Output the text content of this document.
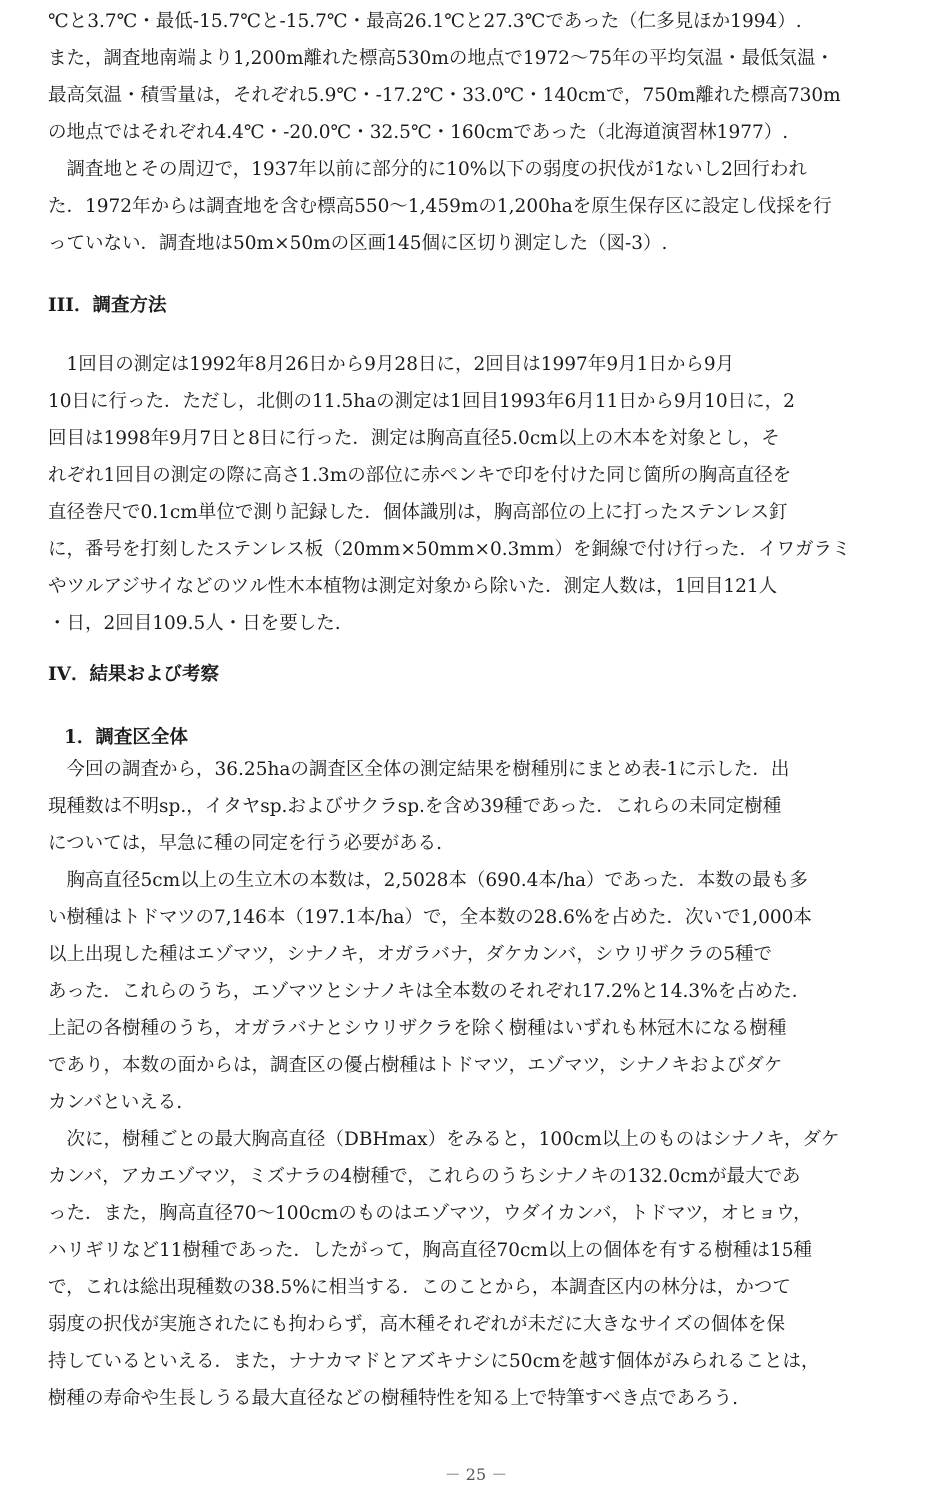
℃と3.7℃・最低-15.7℃と-15.7℃・最高26.1℃と27.3℃であった（仁多見ほか1994）.
また，調査地南端より1,200m離れた標高530mの地点で1972～75年の平均気温・最低気温・
最高気温・積雪量は，それぞれ5.9℃・-17.2℃・33.0℃・140cmで，750m離れた標高730m
の地点ではそれぞれ4.4℃・-20.0℃・32.5℃・160cmであった（北海道演習林1977）.
　調査地とその周辺で，1937年以前に部分的に10%以下の弱度の択伐が1ないし2回行われ
た．1972年からは調査地を含む標高550～1,459mの1,200haを原生保存区に設定し伐採を行
っていない．調査地は50m×50mの区画145個に区切り測定した（図-3）.
III．調査方法
　1回目の測定は1992年8月26日から9月28日に，2回目は1997年9月1日から9月
10日に行った．ただし，北側の11.5haの測定は1回目1993年6月11日から9月10日に，2
回目は1998年9月7日と8日に行った．測定は胸高直径5.0cm以上の木本を対象とし，そ
れぞれ1回目の測定の際に高さ1.3mの部位に赤ペンキで印を付けた同じ箇所の胸高直径を
直径巻尺で0.1cm単位で測り記録した．個体識別は，胸高部位の上に打ったステンレス釘
に，番号を打刻したステンレス板（20mm×50mm×0.3mm）を銅線で付け行った．イワガラミ
やツルアジサイなどのツル性木本植物は測定対象から除いた．測定人数は，1回目121人
・日，2回目109.5人・日を要した.
IV．結果および考察
1．調査区全体
　今回の調査から，36.25haの調査区全体の測定結果を樹種別にまとめ表-1に示した．出
現種数は不明sp.，イタヤsp.およびサクラsp.を含め39種であった．これらの未同定樹種
については，早急に種の同定を行う必要がある.
　胸高直径5cm以上の生立木の本数は，2,5028本（690.4本/ha）であった．本数の最も多
い樹種はトドマツの7,146本（197.1本/ha）で，全本数の28.6%を占めた．次いで1,000本
以上出現した種はエゾマツ，シナノキ，オガラバナ，ダケカンバ，シウリザクラの5種で
あった．これらのうち，エゾマツとシナノキは全本数のそれぞれ17.2%と14.3%を占めた．
上記の各樹種のうち，オガラバナとシウリザクラを除く樹種はいずれも林冠木になる樹種
であり，本数の面からは，調査区の優占樹種はトドマツ，エゾマツ，シナノキおよびダケ
カンバといえる.
　次に，樹種ごとの最大胸高直径（DBHmax）をみると，100cm以上のものはシナノキ，ダケ
カンバ，アカエゾマツ，ミズナラの4樹種で，これらのうちシナノキの132.0cmが最大であ
った．また，胸高直径70～100cmのものはエゾマツ，ウダイカンバ，トドマツ，オヒョウ，
ハリギリなど11樹種であった．したがって，胸高直径70cm以上の個体を有する樹種は15種
で，これは総出現種数の38.5%に相当する．このことから，本調査区内の林分は，かつて
弱度の択伐が実施されたにも拘わらず，高木種それぞれが未だに大きなサイズの個体を保
持しているといえる．また，ナナカマドとアズキナシに50cmを越す個体がみられることは，
樹種の寿命や生長しうる最大直径などの樹種特性を知る上で特筆すべき点であろう.
－ 25 －
